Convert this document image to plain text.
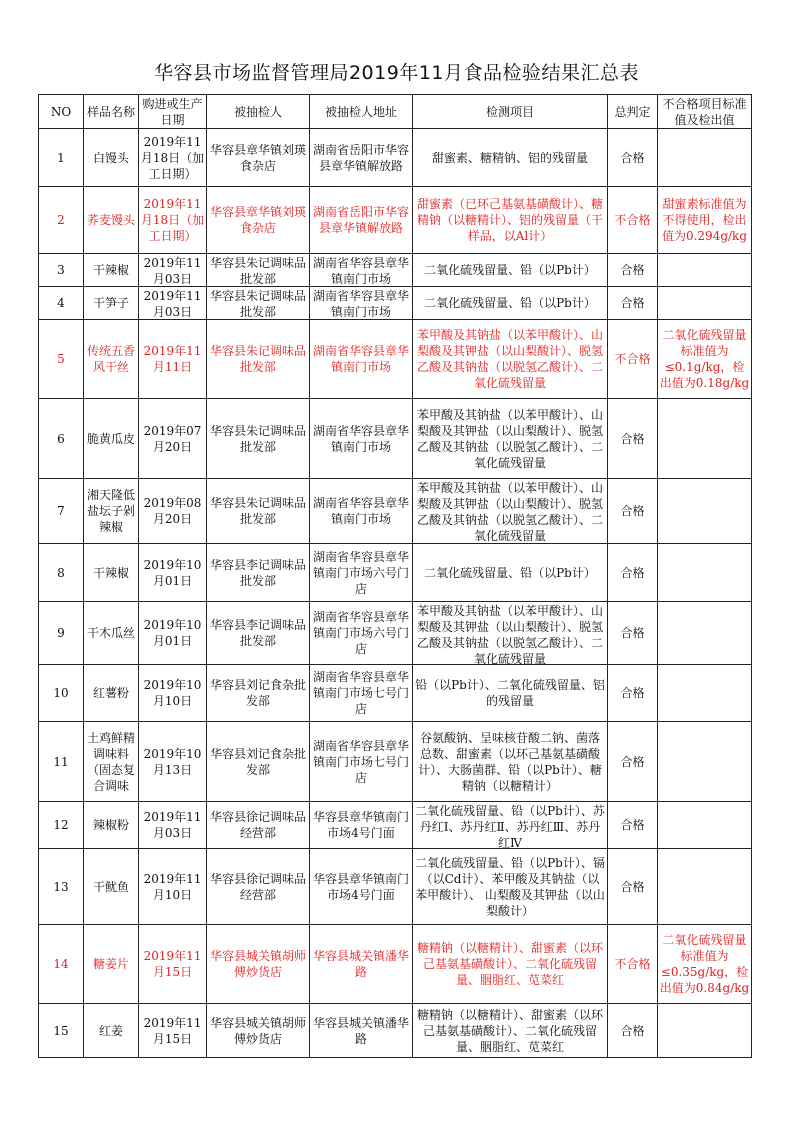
华容县市场监督管理局2019年11月食品检验结果汇总表
NO	样品名称	购进或生产日期	被抽检人	被抽检人地址	检测项目	总判定	不合格项目标准值及检出值

1	白馒头	2019年11月18日（加工日期）	华容县章华镇刘瑛食杂店	湖南省岳阳市华容县章华镇解放路	甜蜜素、糖精钠、铝的残留量	合格	

2	荞麦馒头	2019年11月18日（加工日期）	华容县章华镇刘瑛食杂店	湖南省岳阳市华容县章华镇解放路	甜蜜素（已环己基氨基磺酸计）、糖精钠（以糖精计）、铝的残留量（干样品，以Al计）	不合格	甜蜜素标准值为不得使用，检出值为0.294g/kg

3	干辣椒	2019年11月03日	华容县朱记调味品批发部	湖南省华容县章华镇南门市场	二氧化硫残留量、铅（以Pb计）	合格	

4	干笋子	2019年11月03日	华容县朱记调味品批发部	湖南省华容县章华镇南门市场	二氧化硫残留量、铅（以Pb计）	合格	

5	传统五香风干丝	2019年11月11日	华容县朱记调味品批发部	湖南省华容县章华镇南门市场	苯甲酸及其钠盐（以苯甲酸计）、山梨酸及其钾盐（以山梨酸计）、脱氢乙酸及其钠盐（以脱氢乙酸计）、二氧化硫残留量	不合格	二氧化硫残留量标准值为≤0.1g/kg，检出值为0.18g/kg

6	脆黄瓜皮	2019年07月20日	华容县朱记调味品批发部	湖南省华容县章华镇南门市场	苯甲酸及其钠盐（以苯甲酸计）、山梨酸及其钾盐（以山梨酸计）、脱氢乙酸及其钠盐（以脱氢乙酸计）、二氧化硫残留量	合格	

7	湘天隆低盐坛子剁辣椒	2019年08月20日	华容县朱记调味品批发部	湖南省华容县章华镇南门市场	苯甲酸及其钠盐（以苯甲酸计）、山梨酸及其钾盐（以山梨酸计）、脱氢乙酸及其钠盐（以脱氢乙酸计）、二氧化硫残留量	合格	

8	干辣椒	2019年10月01日	华容县李记调味品批发部	湖南省华容县章华镇南门市场六号门店	二氧化硫残留量、铅（以Pb计）	合格	

9	干木瓜丝	2019年10月01日	华容县李记调味品批发部	湖南省华容县章华镇南门市场六号门店	苯甲酸及其钠盐（以苯甲酸计）、山梨酸及其钾盐（以山梨酸计）、脱氢乙酸及其钠盐（以脱氢乙酸计）、二氧化硫残留量	合格	

10	红薯粉	2019年10月10日	华容县刘记食杂批发部	湖南省华容县章华镇南门市场七号门店	铅（以Pb计）、二氧化硫残留量、铝的残留量	合格	

11	土鸡鲜精调味料（固态复合调味	2019年10月13日	华容县刘记食杂批发部	湖南省华容县章华镇南门市场七号门店	谷氨酸钠、呈味核苷酸二钠、菌落总数、甜蜜素（以环己基氨基磺酸计）、大肠菌群、铅（以Pb计）、糖精钠（以糖精计）	合格	

12	辣椒粉	2019年11月03日	华容县徐记调味品经营部	华容县章华镇南门市场4号门面	二氧化硫残留量、铅（以Pb计）、苏丹红Ⅰ、苏丹红Ⅱ、苏丹红Ⅲ、苏丹红Ⅳ	合格	

13	干鱿鱼	2019年11月10日	华容县徐记调味品经营部	华容县章华镇南门市场4号门面	二氧化硫残留量、铅（以Pb计）、镉（以Cd计）、苯甲酸及其钠盐（以苯甲酸计）、 山梨酸及其钾盐（以山梨酸计）	合格	

14	糖姜片	2019年11月15日	华容县城关镇胡师傅炒货店	华容县城关镇潘华路	糖精钠（以糖精计）、甜蜜素（以环己基氨基磺酸计）、二氧化硫残留量、胭脂红、苋菜红	不合格	二氧化硫残留量标准值为≤0.35g/kg，检出值为0.84g/kg

15	红姜	2019年11月15日	华容县城关镇胡师傅炒货店	华容县城关镇潘华路	糖精钠（以糖精计）、甜蜜素（以环己基氨基磺酸计）、二氧化硫残留量、胭脂红、苋菜红	合格	
